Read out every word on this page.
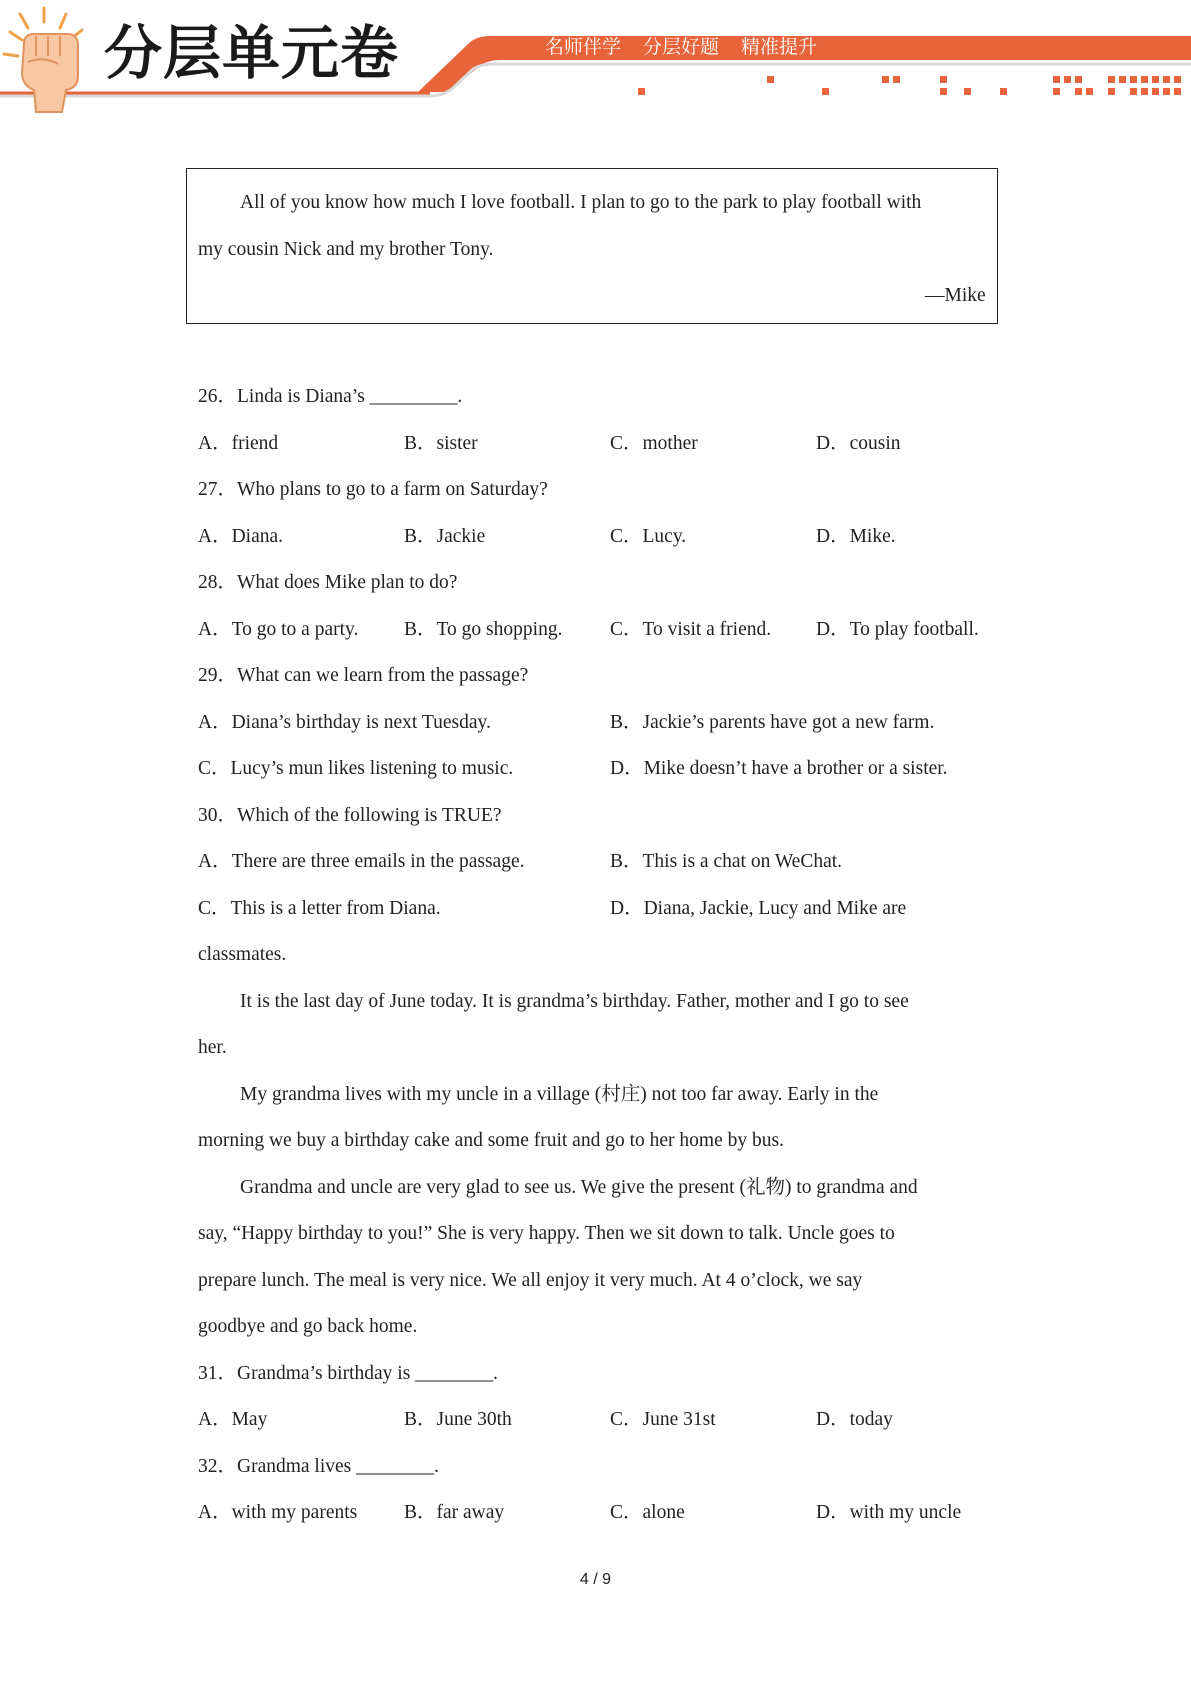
分层单元卷	名师伴学 分层好题 精准提升
All of you know how much I love football. I plan to go to the park to play football with
my cousin Nick and my brother Tony.
—Mike
26．Linda is Diana’s _________.
A．friend	B．sister	C．mother	D．cousin
27．Who plans to go to a farm on Saturday?
A．Diana.	B．Jackie	C．Lucy.	D．Mike.
28．What does Mike plan to do?
A．To go to a party. B．To go shopping. C．To visit a friend. D．To play football.
29．What can we learn from the passage?
A．Diana’s birthday is next Tuesday.	B．Jackie’s parents have got a new farm.
C．Lucy’s mun likes listening to music.	D．Mike doesn’t have a brother or a sister.
30．Which of the following is TRUE?
A．There are three emails in the passage.	B．This is a chat on WeChat.
C．This is a letter from Diana.	D．Diana, Jackie, Lucy and Mike are
classmates.
It is the last day of June today. It is grandma’s birthday. Father, mother and I go to see
her.
My grandma lives with my uncle in a village (村庄) not too far away. Early in the
morning we buy a birthday cake and some fruit and go to her home by bus.
Grandma and uncle are very glad to see us. We give the present (礼物) to grandma and
say, “Happy birthday to you!” She is very happy. Then we sit down to talk. Uncle goes to
prepare lunch. The meal is very nice. We all enjoy it very much. At 4 o’clock, we say
goodbye and go back home.
31．Grandma’s birthday is ________.
A．May	B．June 30th	C．June 31st	D．today
32．Grandma lives ________.
A．with my parents B．far away	C．alone	D．with my uncle
4 / 9
